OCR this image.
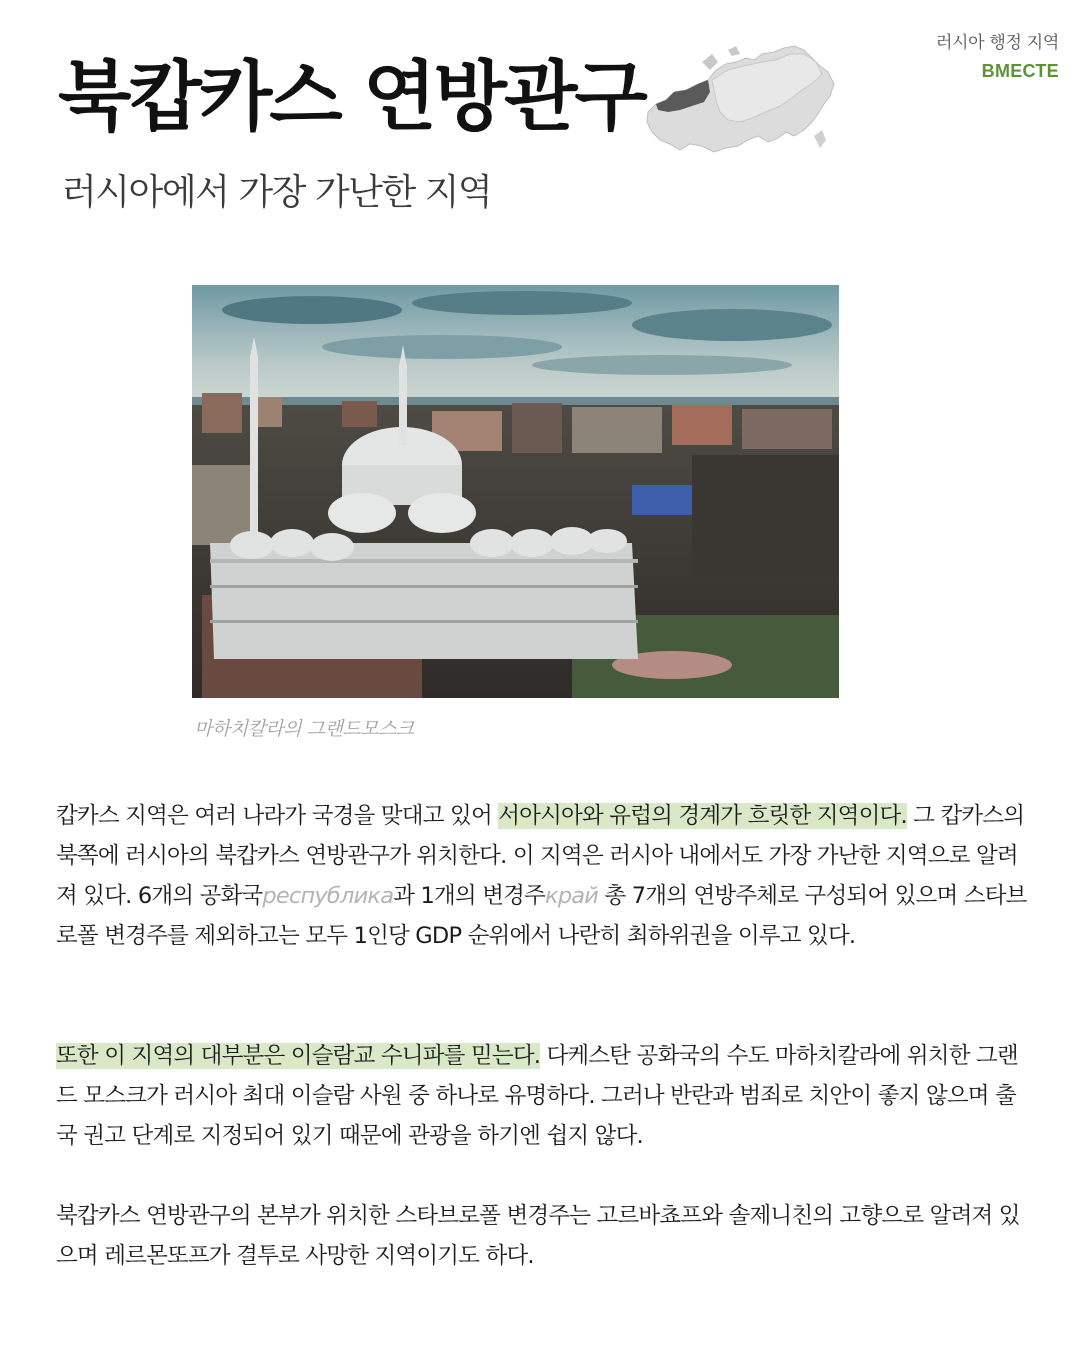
러시아 행정 지역
ВМЕСТЕ
북캅카스 연방관구
러시아에서 가장 가난한 지역
마하치칼라의 그랜드모스크

캅카스 지역은 여러 나라가 국경을 맞대고 있어 서아시아와 유럽의 경계가 흐릿한 지역이다. 그 캅카스의 북쪽에 러시아의 북캅카스 연방관구가 위치한다. 이 지역은 러시아 내에서도 가장 가난한 지역으로 알려져 있다. 6개의 공화국республика과 1개의 변경주край 총 7개의 연방주체로 구성되어 있으며 스타브로폴 변경주를 제외하고는 모두 1인당 GDP 순위에서 나란히 최하위권을 이루고 있다.

또한 이 지역의 대부분은 이슬람교 수니파를 믿는다. 다케스탄 공화국의 수도 마하치칼라에 위치한 그랜드 모스크가 러시아 최대 이슬람 사원 중 하나로 유명하다. 그러나 반란과 범죄로 치안이 좋지 않으며 출국 권고 단계로 지정되어 있기 때문에 관광을 하기엔 쉽지 않다.

북캅카스 연방관구의 본부가 위치한 스타브로폴 변경주는 고르바쵸프와 솔제니친의 고향으로 알려져 있으며 레르몬또프가 결투로 사망한 지역이기도 하다.
